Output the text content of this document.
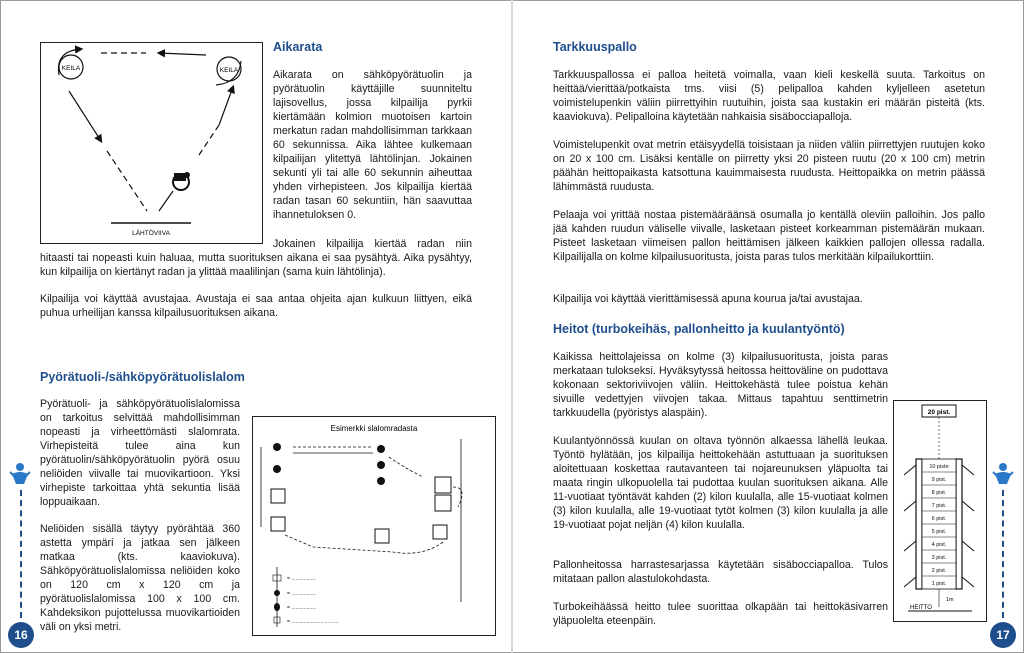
KEILA	KEILA
LÄHTÖVIIVA
Aikarata

Aikarata on sähköpyörätuolin ja pyörätuolin käyttäjille suunniteltu lajisovellus, jossa kilpailija pyrkii kiertämään kolmion muotoisen kartoin merkatun radan mahdollisimman tarkkaan 60 sekunnissa. Aika lähtee kulkemaan kilpailijan ylitettyä lähtölinjan. Jokainen sekunti yli tai alle 60 sekunnin aiheuttaa yhden virhepisteen. Jos kilpailija kiertää radan tasan 60 sekuntiin, hän saavuttaa ihannetuloksen 0.

Jokainen kilpailija kiertää radan niin hitaasti tai nopeasti kuin haluaa, mutta suorituksen aikana ei saa pysähtyä. Aika pysähtyy, kun kilpailija on kiertänyt radan ja ylittää maalilinjan (sama kuin lähtölinja).

Kilpailija voi käyttää avustajaa. Avustaja ei saa antaa ohjeita ajan kulkuun liittyen, eikä puhua urheilijan kanssa kilpailusuorituksen aikana.

Pyörätuoli-/sähköpyörätuolislalom

Pyörätuoli- ja sähköpyörätuolislalomissa on tarkoitus selvittää mahdollisimman nopeasti ja virheettömästi slalomrata. Virhepisteitä tulee aina kun pyörätuolin/sähköpyörätuolin pyörä osuu neliöiden viivalle tai muovikartioon. Yksi virhepiste tarkoittaa yhtä sekuntia lisää loppuaikaan.

Neliöiden sisällä täytyy pyörähtää 360 astetta ympäri ja jatkaa sen jälkeen matkaa (kts. kaaviokuva). Sähköpyörätuolislalomissa neliöiden koko on 120 cm x 120 cm ja pyörätuolislalomissa 100 x 100 cm. Kahdeksikon pujottelussa muovikartioiden väli on yksi metri.

Esimerkki slalomradasta
= ..................
= ..................
= ..................
= ..................................
16
Tarkkuuspallo

Tarkkuuspallossa ei palloa heitetä voimalla, vaan kieli keskellä suuta. Tarkoitus on heittää/vierittää/potkaista tms. viisi (5) pelipalloa kahden kyljelleen asetetun voimistelupenkin väliin piirrettyihin ruutuihin, joista saa kustakin eri määrän pisteitä (kts. kaaviokuva). Pelipalloina käytetään nahkaisia sisäbocciapalloja.

Voimistelupenkit ovat metrin etäisyydellä toisistaan ja niiden väliin piirrettyjen ruutujen koko on 20 x 100 cm. Lisäksi kentälle on piirretty yksi 20 pisteen ruutu (20 x 100 cm) metrin päähän heittopaikasta katsottuna kauimmaisesta ruudusta. Heittopaikka on metrin päässä lähimmästä ruudusta.

Pelaaja voi yrittää nostaa pistemääräänsä osumalla jo kentällä oleviin palloihin. Jos pallo jää kahden ruudun väliselle viivalle, lasketaan pisteet korkeamman pistemäärän mukaan. Pisteet lasketaan viimeisen pallon heittämisen jälkeen kaikkien pallojen ollessa radalla. Kilpailijalla on kolme kilpailusuoritusta, joista paras tulos merkitään kilpailukorttiin.

Kilpailija voi käyttää vierittämisessä apuna kourua ja/tai avustajaa.

Heitot (turbokeihäs, pallonheitto ja kuulantyöntö)

Kaikissa heittolajeissa on kolme (3) kilpailusuoritusta, joista paras merkataan tulokseksi. Hyväksytyssä heitossa heittoväline on pudottava kokonaan sektoriviivojen väliin. Heittokehästä tulee poistua kehän sivuille vedettyjen viivojen takaa. Mittaus tapahtuu senttimetrin tarkkuudella (pyöristys alaspäin).

Kuulantyönnössä kuulan on oltava työnnön alkaessa lähellä leukaa. Työntö hylätään, jos kilpailija heittokehään astuttuaan ja suorituksen aloitettuaan koskettaa rautavanteen tai nojareunuksen yläpuolta tai maata ringin ulkopuolella tai pudottaa kuulan suorituksen aikana. Alle 11-vuotiaat työntävät kahden (2) kilon kuulalla, alle 15-vuotiaat kolmen (3) kilon kuulalla, alle 19-vuotiaat tytöt kolmen (3) kilon kuulalla ja alle 19-vuotiaat pojat neljän (4) kilon kuulalla.

Pallonheitossa harrastesarjassa käytetään sisäbocciapalloa. Tulos mitataan pallon alastulokohdasta.

Turbokeihäässä heitto tulee suorittaa olkapään tai heittokäsivarren yläpuolelta eteenpäin.

20 pist.
10 piste
9 pist.
8 pist.
7 pist.
6 pist.
5 pist.
4 pist.
3 pist.
2 pist.
1 pist.
1m
HEITTO
17
